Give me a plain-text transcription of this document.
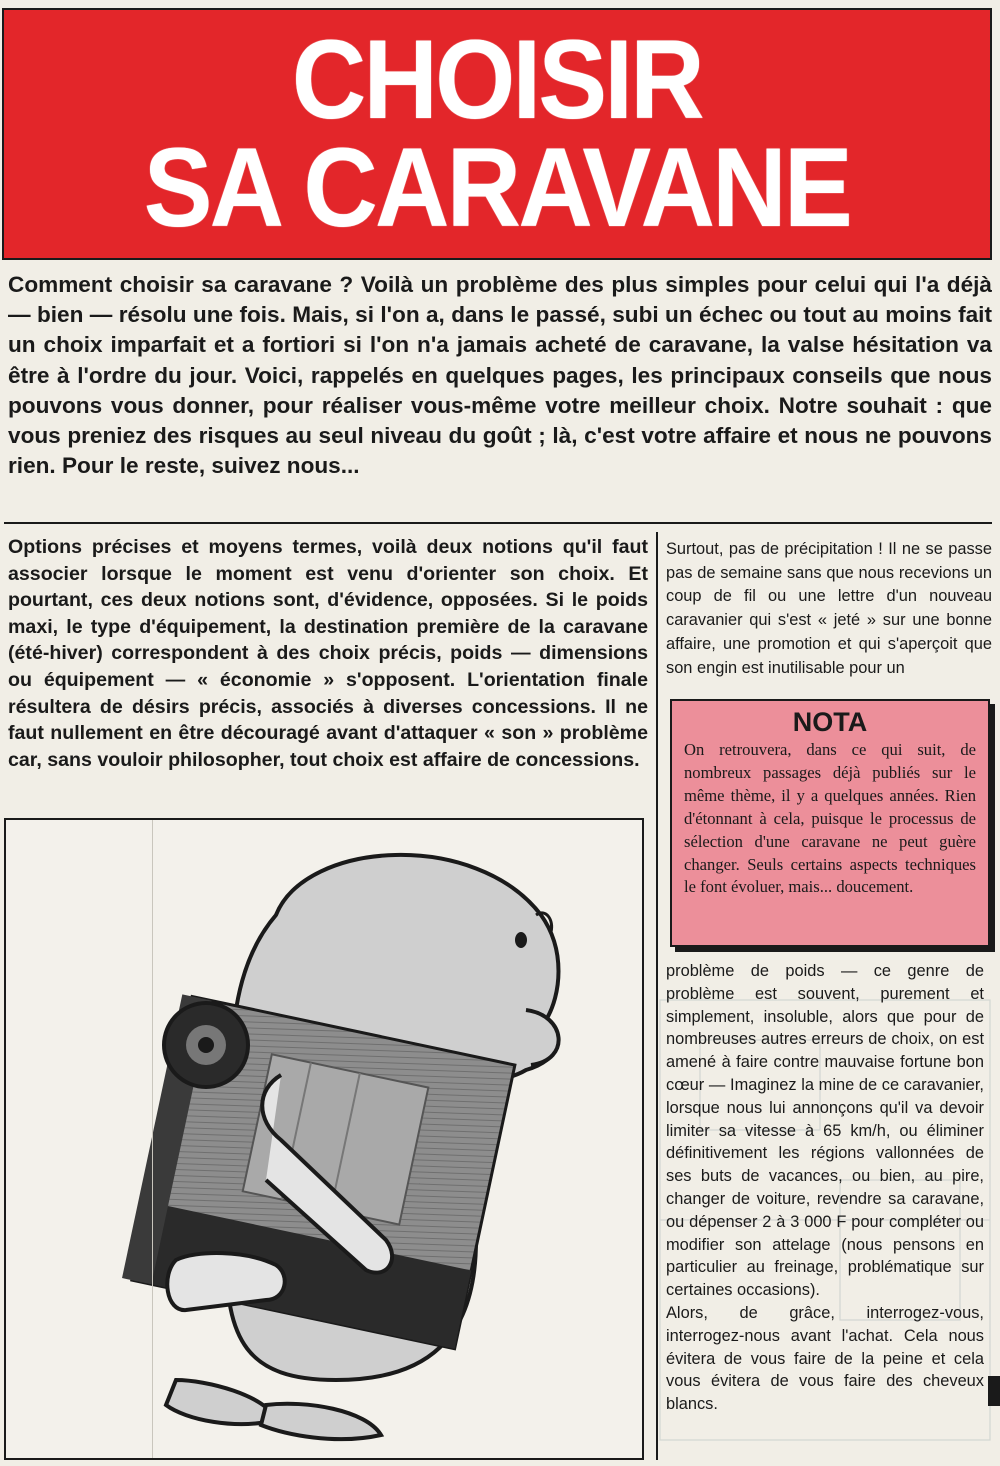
CHOISIR
SA CARAVANE

Comment choisir sa caravane ? Voilà un problème des plus simples pour celui qui l'a déjà — bien — résolu une fois. Mais, si l'on a, dans le passé, subi un échec ou tout au moins fait un choix imparfait et a fortiori si l'on n'a jamais acheté de caravane, la valse hésitation va être à l'ordre du jour. Voici, rappelés en quelques pages, les principaux conseils que nous pouvons vous donner, pour réaliser vous-même votre meilleur choix. Notre souhait : que vous preniez des risques au seul niveau du goût ; là, c'est votre affaire et nous ne pouvons rien. Pour le reste, suivez nous...

Options précises et moyens termes, voilà deux notions qu'il faut associer lorsque le moment est venu d'orienter son choix. Et pourtant, ces deux notions sont, d'évidence, opposées. Si le poids maxi, le type d'équipement, la destination première de la caravane (été-hiver) correspondent à des choix précis, poids — dimensions ou équipement — « économie » s'opposent. L'orientation finale résultera de désirs précis, associés à diverses concessions. Il ne faut nullement en être découragé avant d'attaquer « son » problème car, sans vouloir philosopher, tout choix est affaire de concessions.

Surtout, pas de précipitation ! Il ne se passe pas de semaine sans que nous recevions un coup de fil ou une lettre d'un nouveau caravanier qui s'est « jeté » sur une bonne affaire, une promotion et qui s'aperçoit que son engin est inutilisable pour un

NOTA

On retrouvera, dans ce qui suit, de nombreux passages déjà publiés sur le même thème, il y a quelques années. Rien d'étonnant à cela, puisque le processus de sélection d'une caravane ne peut guère changer. Seuls certains aspects techniques le font évoluer, mais... doucement.

problème de poids — ce genre de problème est souvent, purement et simplement, insoluble, alors que pour de nombreuses autres erreurs de choix, on est amené à faire contre mauvaise fortune bon cœur — Imaginez la mine de ce caravanier, lorsque nous lui annonçons qu'il va devoir limiter sa vitesse à 65 km/h, ou éliminer définitivement les régions vallonnées de ses buts de vacances, ou bien, au pire, changer de voiture, revendre sa caravane, ou dépenser 2 à 3 000 F pour compléter ou modifier son attelage (nous pensons en particulier au freinage, problématique sur certaines occasions).

Alors, de grâce, interrogez-vous, interrogez-nous avant l'achat. Cela nous évitera de vous faire de la peine et cela vous évitera de vous faire des cheveux blancs.
